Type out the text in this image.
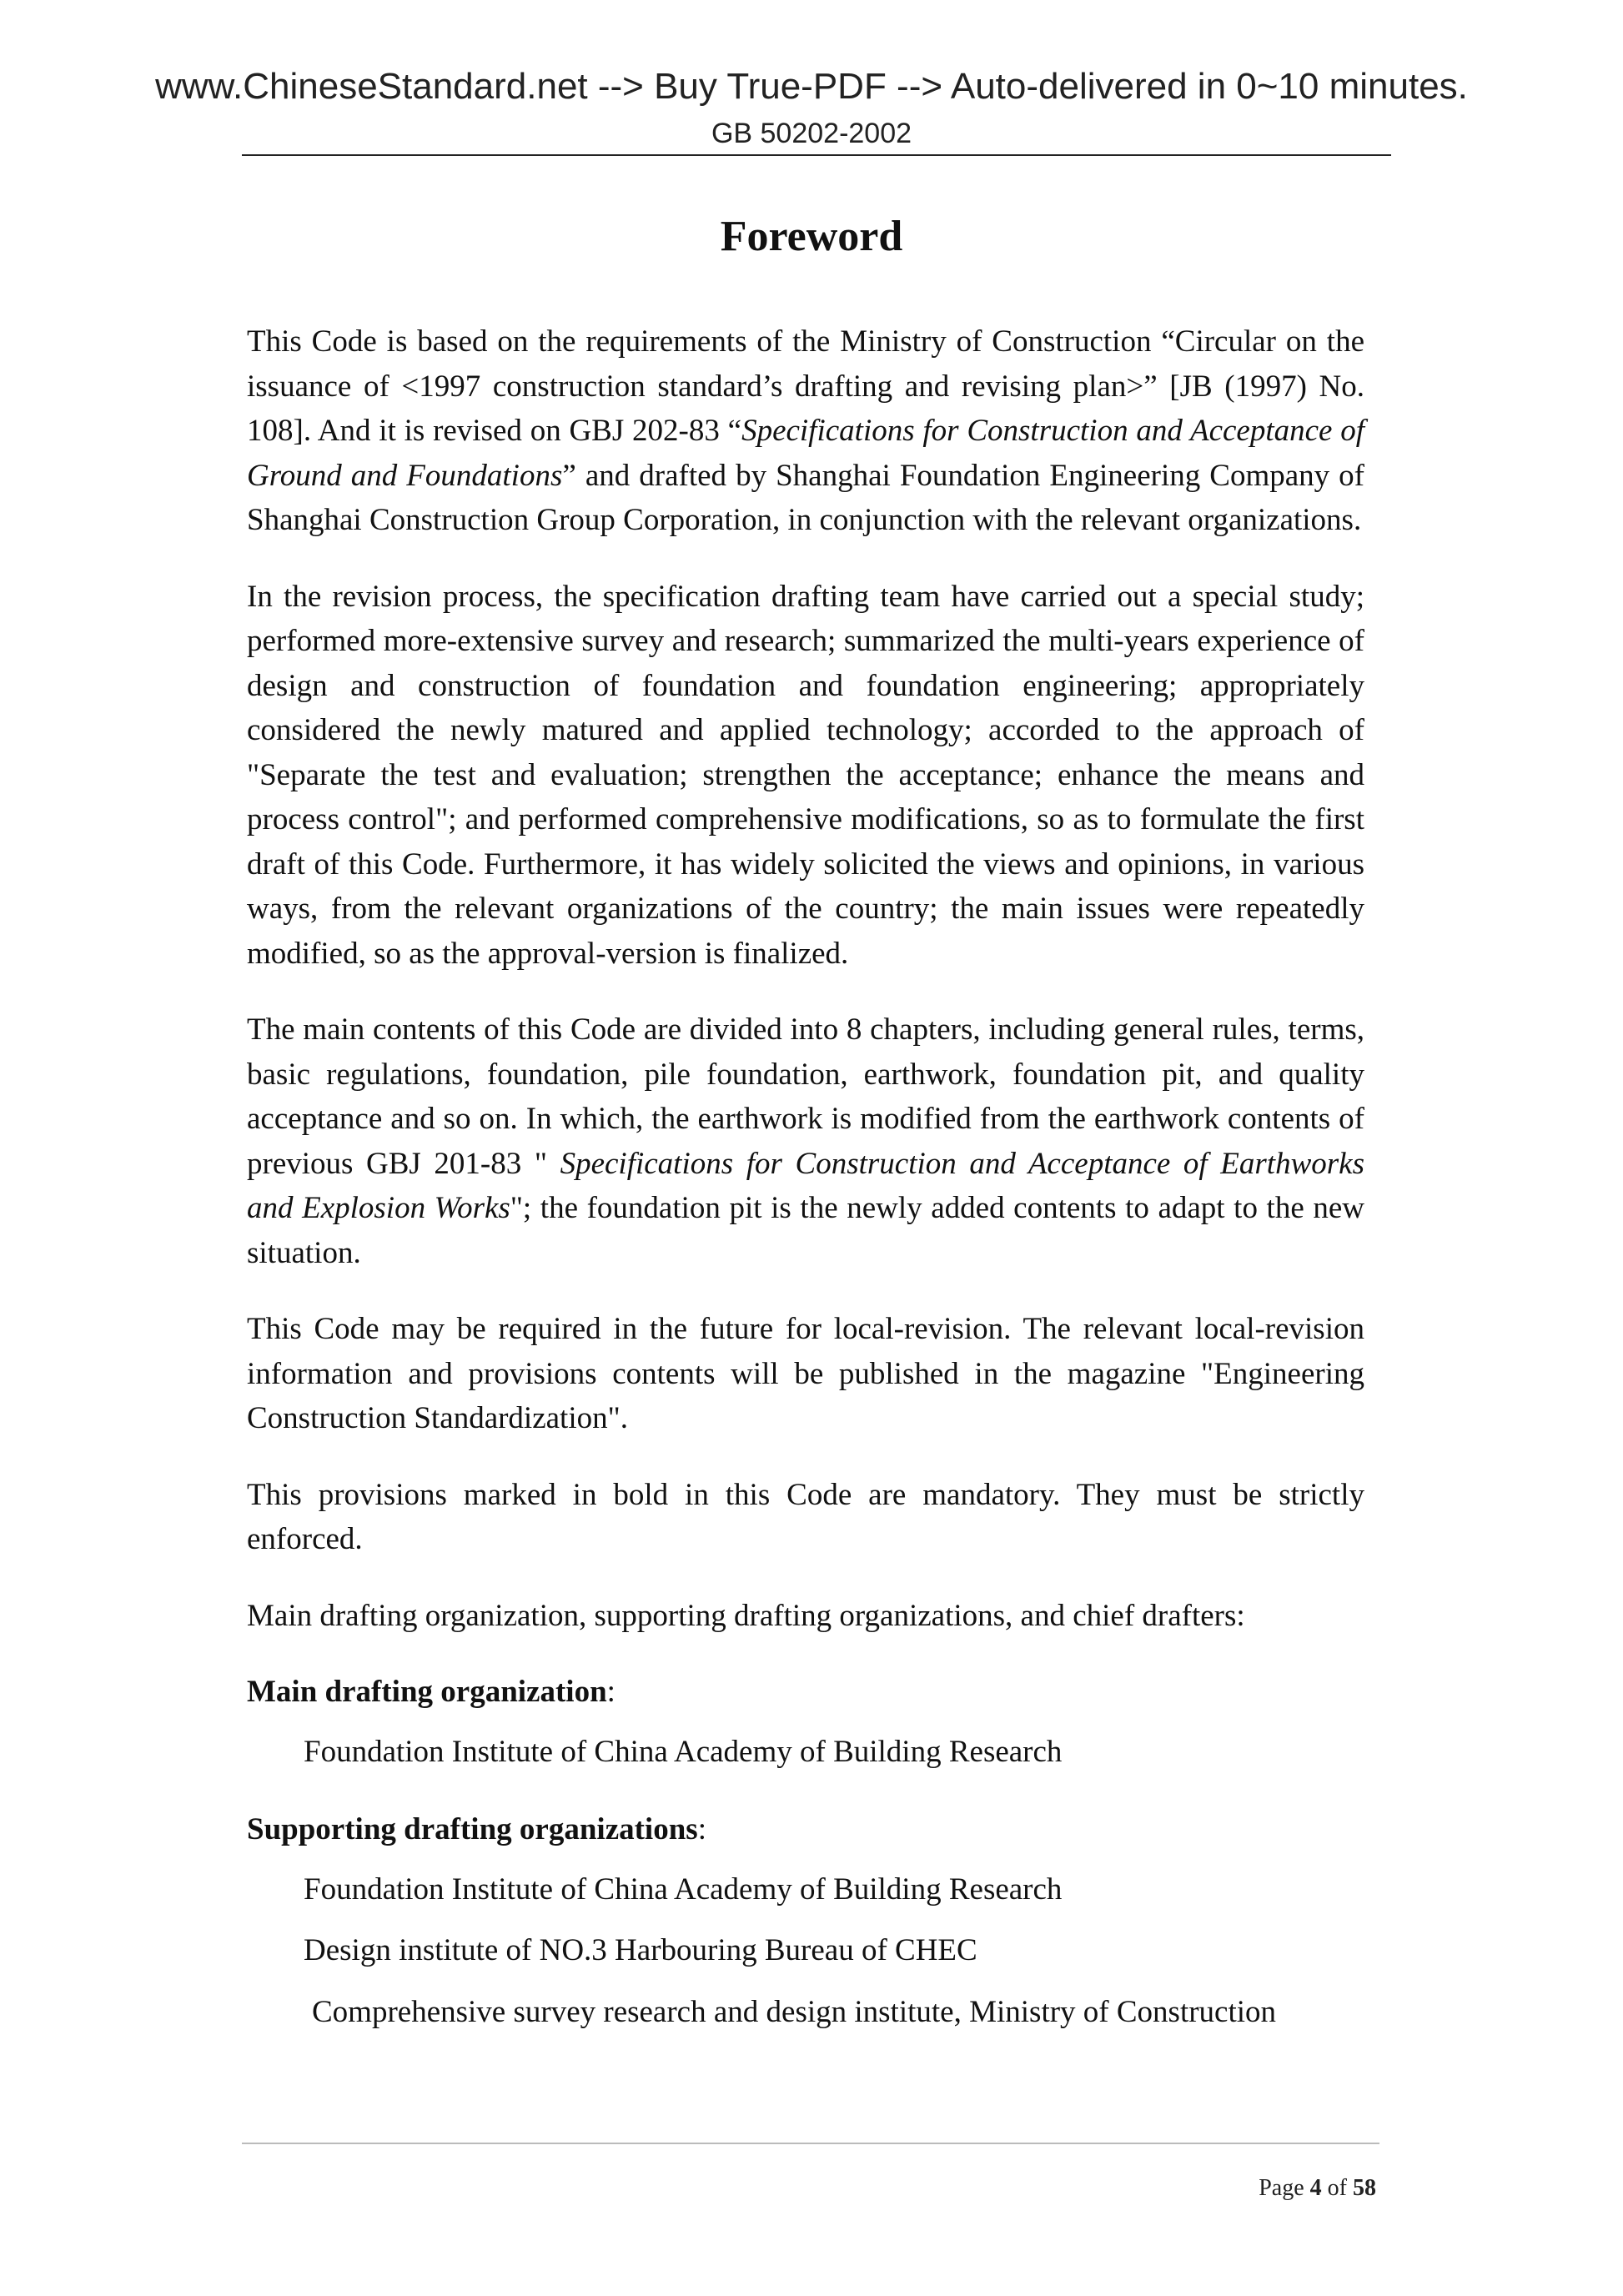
www.ChineseStandard.net --> Buy True-PDF --> Auto-delivered in 0~10 minutes.
GB 50202-2002
Foreword

This Code is based on the requirements of the Ministry of Construction “Circular on the issuance of <1997 construction standard’s drafting and revising plan>” [JB (1997) No. 108]. And it is revised on GBJ 202-83 “Specifications for Construction and Acceptance of Ground and Foundations” and drafted by Shanghai Foundation Engineering Company of Shanghai Construction Group Corporation, in conjunction with the relevant organizations.

In the revision process, the specification drafting team have carried out a special study; performed more-extensive survey and research; summarized the multi-years experience of design and construction of foundation and foundation engineering; appropriately considered the newly matured and applied technology; accorded to the approach of "Separate the test and evaluation; strengthen the acceptance; enhance the means and process control"; and performed comprehensive modifications, so as to formulate the first draft of this Code. Furthermore, it has widely solicited the views and opinions, in various ways, from the relevant organizations of the country; the main issues were repeatedly modified, so as the approval-version is finalized.

The main contents of this Code are divided into 8 chapters, including general rules, terms, basic regulations, foundation, pile foundation, earthwork, foundation pit, and quality acceptance and so on. In which, the earthwork is modified from the earthwork contents of previous GBJ 201-83 " Specifications for Construction and Acceptance of Earthworks and Explosion Works"; the foundation pit is the newly added contents to adapt to the new situation.

This Code may be required in the future for local-revision. The relevant local-revision information and provisions contents will be published in the magazine "Engineering Construction Standardization".

This provisions marked in bold in this Code are mandatory. They must be strictly enforced.

Main drafting organization, supporting drafting organizations, and chief drafters:

Main drafting organization:

Foundation Institute of China Academy of Building Research

Supporting drafting organizations:

Foundation Institute of China Academy of Building Research
Design institute of NO.3 Harbouring Bureau of CHEC
Comprehensive survey research and design institute, Ministry of Construction
Page 4 of 58
